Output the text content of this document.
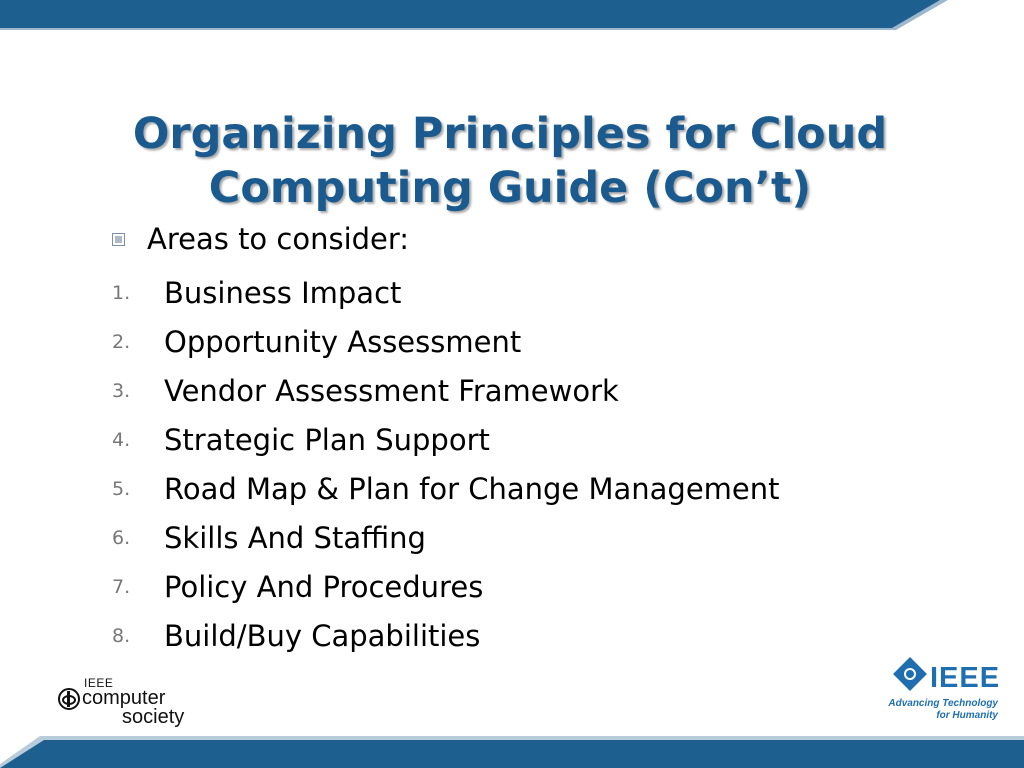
Organizing Principles for Cloud
Computing Guide (Con’t)
Areas to consider:
1.	Business Impact
2.	Opportunity Assessment
3.	Vendor Assessment Framework
4.	Strategic Plan Support
5.	Road Map & Plan for Change Management
6.	Skills And Staffing
7.	Policy And Procedures
8.	Build/Buy Capabilities
IEEE
computer
society
IEEE
Advancing Technology
for Humanity
